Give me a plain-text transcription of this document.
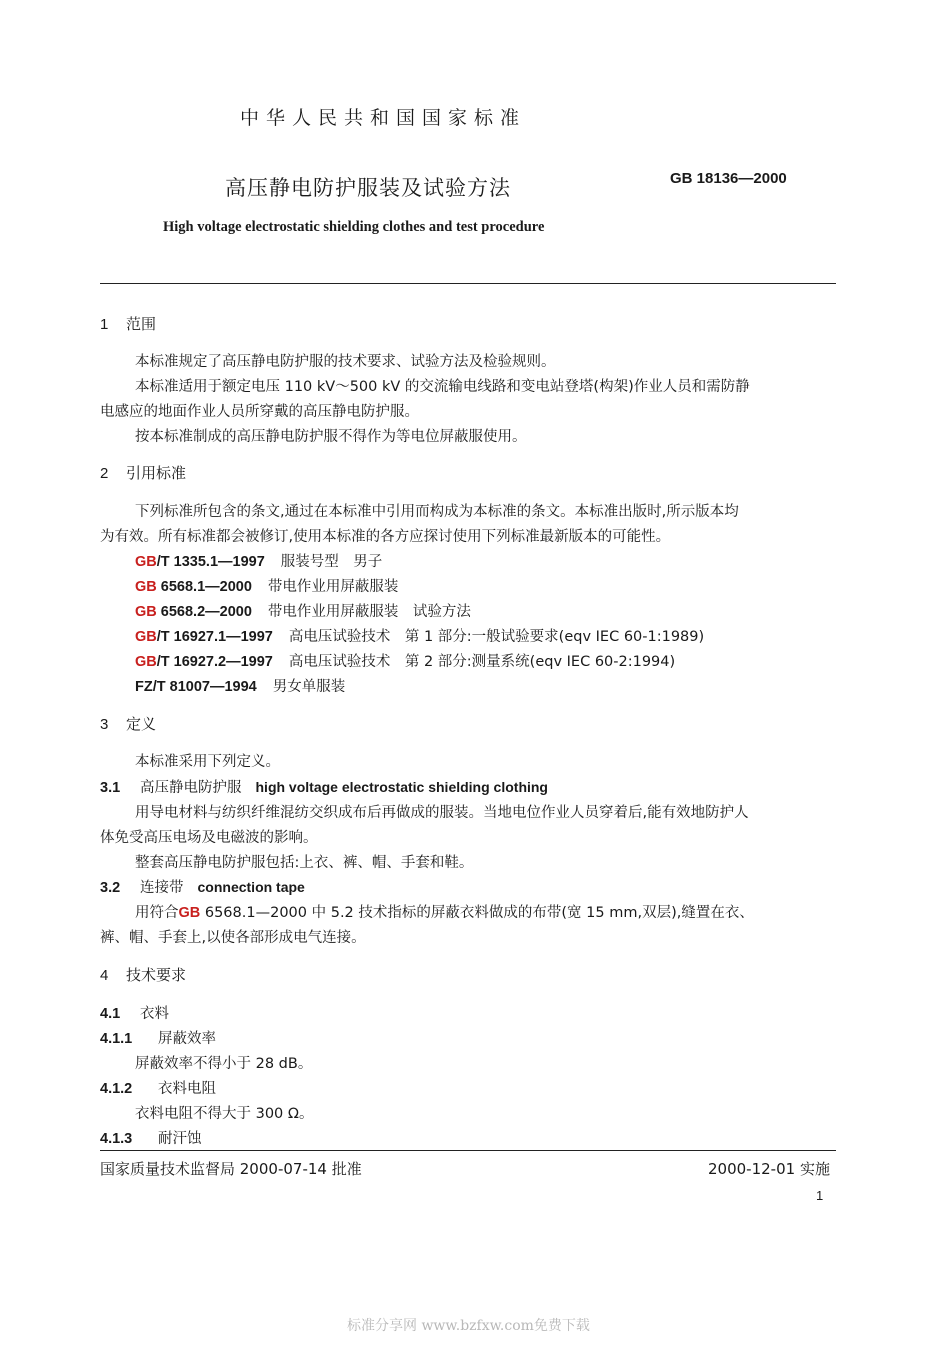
中华人民共和国国家标准
高压静电防护服装及试验方法	GB 18136—2000
High voltage electrostatic shielding clothes and test procedure
1 范围
本标准规定了高压静电防护服的技术要求、试验方法及检验规则。
本标准适用于额定电压 110 kV～500 kV 的交流输电线路和变电站登塔(构架)作业人员和需防静
电感应的地面作业人员所穿戴的高压静电防护服。
按本标准制成的高压静电防护服不得作为等电位屏蔽服使用。
2 引用标准
下列标准所包含的条文,通过在本标准中引用而构成为本标准的条文。本标准出版时,所示版本均
为有效。所有标准都会被修订,使用本标准的各方应探讨使用下列标准最新版本的可能性。
GB/T 1335.1—1997 服装号型　男子
GB 6568.1—2000 带电作业用屏蔽服装
GB 6568.2—2000 带电作业用屏蔽服装　试验方法
GB/T 16927.1—1997 高电压试验技术　第 1 部分:一般试验要求(eqv IEC 60-1:1989)
GB/T 16927.2—1997 高电压试验技术　第 2 部分:测量系统(eqv IEC 60-2:1994)
FZ/T 81007—1994 男女单服装
3 定义
本标准采用下列定义。
3.1 高压静电防护服 high voltage electrostatic shielding clothing
用导电材料与纺织纤维混纺交织成布后再做成的服装。当地电位作业人员穿着后,能有效地防护人
体免受高压电场及电磁波的影响。
整套高压静电防护服包括:上衣、裤、帽、手套和鞋。
3.2 连接带 connection tape
用符合GB 6568.1—2000 中 5.2 技术指标的屏蔽衣料做成的布带(宽 15 mm,双层),缝置在衣、
裤、帽、手套上,以使各部形成电气连接。
4 技术要求
4.1 衣料
4.1.1 屏蔽效率
屏蔽效率不得小于 28 dB。
4.1.2 衣料电阻
衣料电阻不得大于 300 Ω。
4.1.3 耐汗蚀
国家质量技术监督局 2000-07-14 批准	2000-12-01 实施
1
标准分享网 www.bzfxw.com免费下载
